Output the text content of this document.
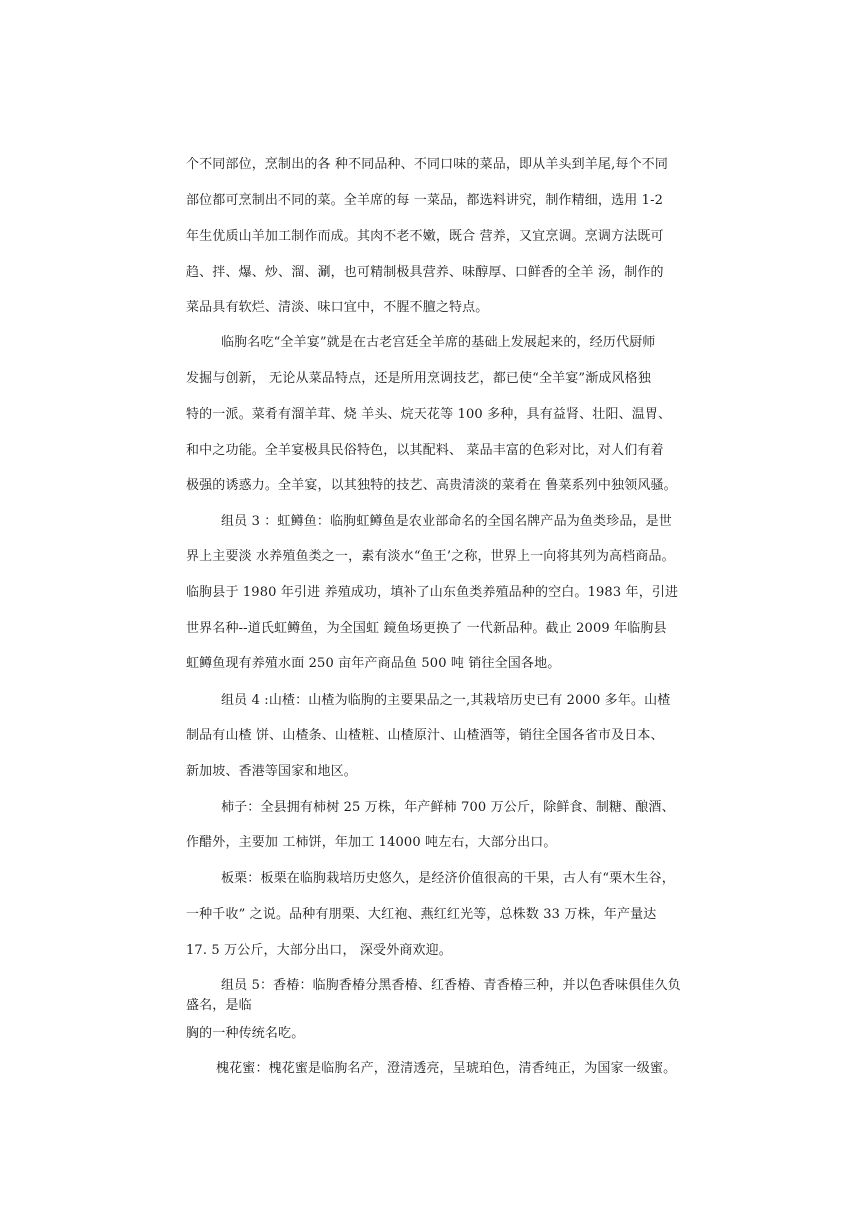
个不同部位，烹制出的各 种不同品种、不同口味的菜品，即从羊头到羊尾,每个不同
部位都可烹制出不同的菜。全羊席的每 一菜品，都选料讲究，制作精细，选用 1-2
年生优质山羊加工制作而成。其肉不老不嫩，既合 营养，又宜烹调。烹调方法既可
趋、拌、爆、炒、溜、涮，也可精制极具营养、味醇厚、口鲜香的全羊 汤，制作的
菜品具有软烂、清淡、味口宜中，不腥不膻之特点。
临朐名吃“全羊宴”就是在古老宫廷全羊席的基础上发展起来的，经历代厨师
发掘与创新， 无论从菜品特点，还是所用烹调技艺，都已使“全羊宴”渐成风格独
特的一派。菜肴有溜羊茸、烧 羊头、烷天花等 100 多种，具有益肾、壮阳、温胃、
和中之功能。全羊宴极具民俗特色，以其配料、 菜品丰富的色彩对比，对人们有着
极强的诱惑力。全羊宴，以其独特的技艺、高贵清淡的菜肴在 鲁菜系列中独领风骚。
组员 3 ：虹鳟鱼：临朐虹鳟鱼是农业部命名的全国名牌产品为鱼类珍品，是世
界上主要淡 水养殖鱼类之一，素有淡水“鱼王’之称，世界上一向将其列为高档商品。
临朐县于 1980 年引进 养殖成功，填补了山东鱼类养殖品种的空白。1983 年，引进
世界名种--道氏虹鳟鱼，为全国虹 鏡鱼场更换了 一代新品种。截止 2009 年临朐县
虹鳟鱼现有养殖水面 250 亩年产商品鱼 500 吨 销往全国各地。
组员 4 :山楂：山楂为临朐的主要果品之一,其栽培历史已有 2000 多年。山楂
制品有山楂 饼、山楂条、山楂粧、山楂原汁、山楂酒等，销往全国各省市及日本、
新加坡、香港等国家和地区。
柿子：全县拥有柿树 25 万株，年产鲜柿 700 万公斤，除鲜食、制糖、酿酒、
作醋外，主要加 工柿饼，年加工 14000 吨左右，大部分出口。
板栗：板栗在临朐栽培历史悠久，是经济价值很高的干果，古人有“栗木生谷，
一种千收” 之说。品种有朋栗、大红袍、燕红红光等，总株数 33 万株，年产量达
17. 5 万公斤，大部分出口， 深受外商欢迎。
组员 5：香椿：临朐香椿分黑香椿、红香椿、青香椿三种，并以色香味俱佳久负
盛名，是临
胸的一种传统名吃。
槐花蜜：槐花蜜是临朐名产，澄清透亮，呈琥珀色，清香纯正，为国家一级蜜。
